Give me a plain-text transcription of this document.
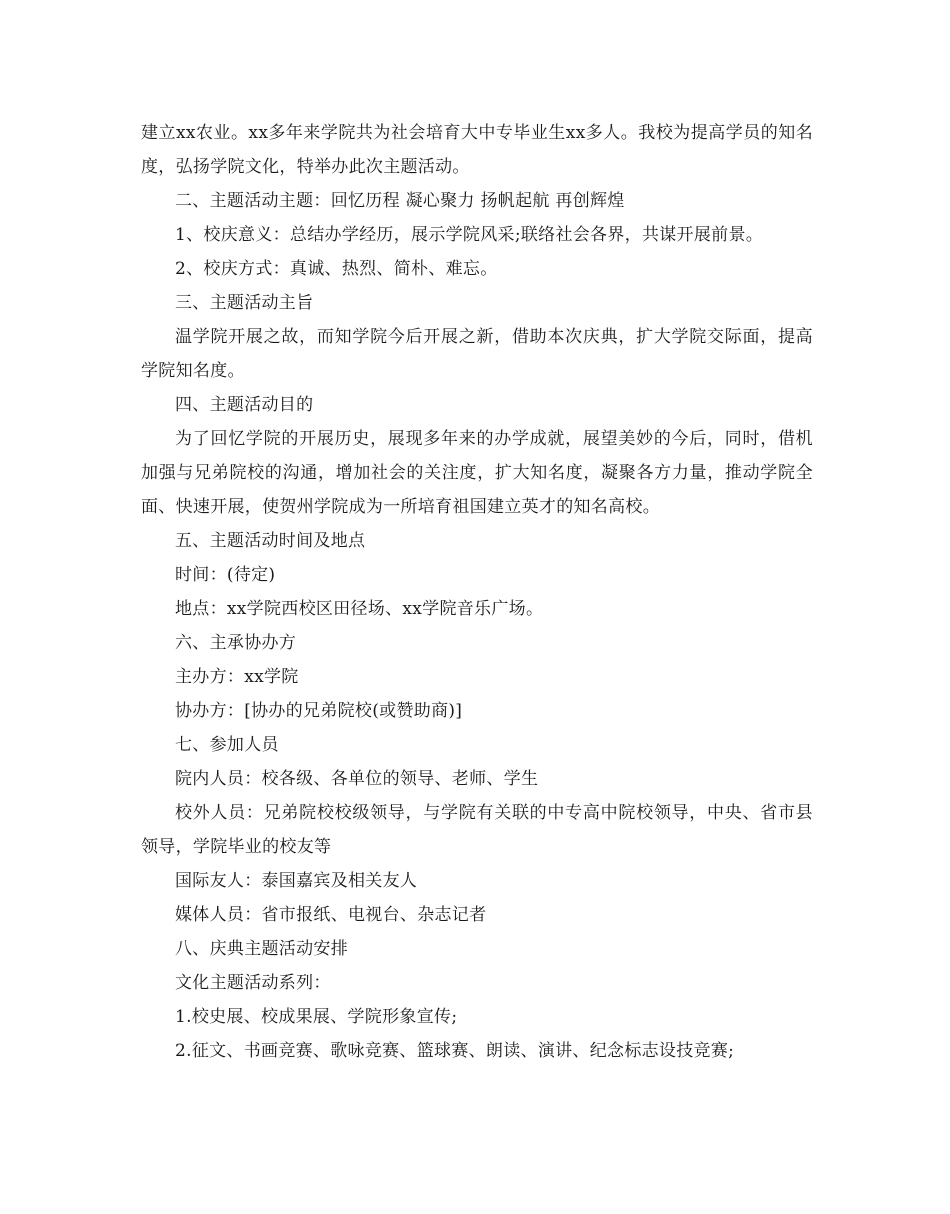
建立xx农业。xx多年来学院共为社会培育大中专毕业生xx多人。我校为提高学员的知名度，弘扬学院文化，特举办此次主题活动。

二、主题活动主题：回忆历程 凝心聚力 扬帆起航 再创辉煌

1、校庆意义：总结办学经历，展示学院风采;联络社会各界，共谋开展前景。

2、校庆方式：真诚、热烈、简朴、难忘。

三、主题活动主旨

温学院开展之故，而知学院今后开展之新，借助本次庆典，扩大学院交际面，提高学院知名度。

四、主题活动目的

为了回忆学院的开展历史，展现多年来的办学成就，展望美妙的今后，同时，借机加强与兄弟院校的沟通，增加社会的关注度，扩大知名度，凝聚各方力量，推动学院全面、快速开展，使贺州学院成为一所培育祖国建立英才的知名高校。

五、主题活动时间及地点

时间：(待定)

地点：xx学院西校区田径场、xx学院音乐广场。

六、主承协办方

主办方：xx学院

协办方：[协办的兄弟院校(或赞助商)]

七、参加人员

院内人员：校各级、各单位的领导、老师、学生

校外人员：兄弟院校校级领导，与学院有关联的中专高中院校领导，中央、省市县领导，学院毕业的校友等

国际友人：泰国嘉宾及相关友人

媒体人员：省市报纸、电视台、杂志记者

八、庆典主题活动安排

文化主题活动系列：

1.校史展、校成果展、学院形象宣传;

2.征文、书画竞赛、歌咏竞赛、篮球赛、朗读、演讲、纪念标志设技竞赛;
